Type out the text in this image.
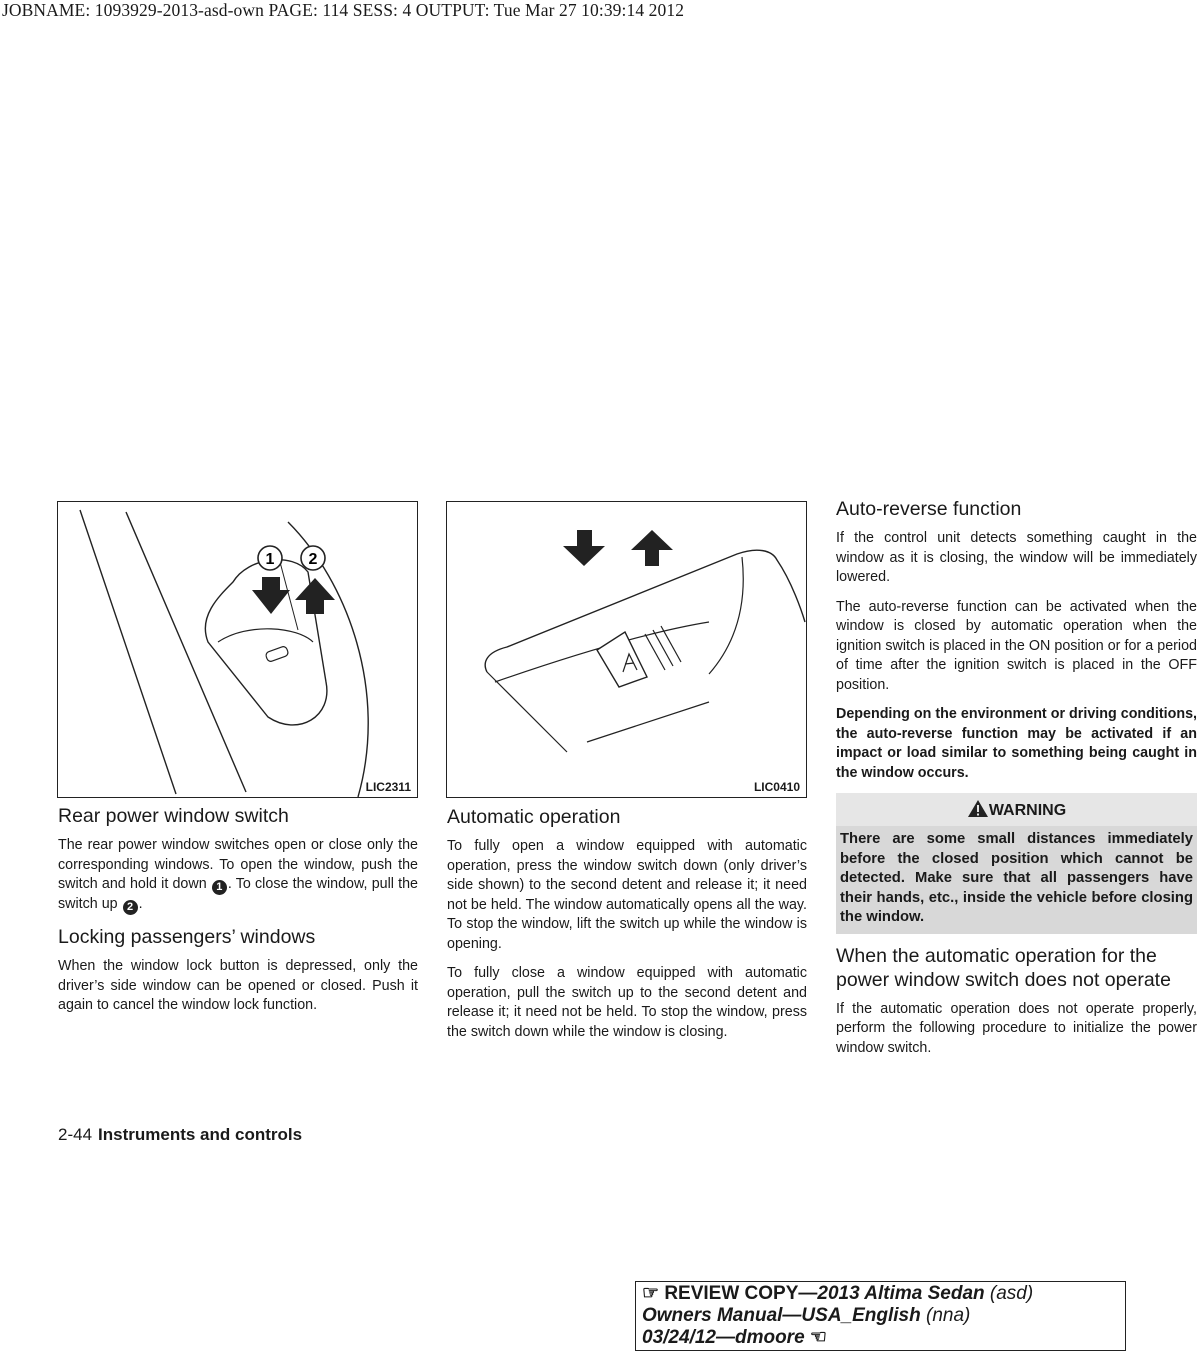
JOBNAME: 1093929-2013-asd-own PAGE: 114 SESS: 4 OUTPUT: Tue Mar 27 10:39:14 2012
1 2
LIC2311	LIC0410
Rear power window switch

The rear power window switches open or close only the corresponding windows. To open the window, push the switch and hold it down 1 . To close the window, pull the switch up 2 .

Locking passengers’ windows

When the window lock button is depressed, only the driver’s side window can be opened or closed. Push it again to cancel the window lock function.

Automatic operation

To fully open a window equipped with automatic operation, press the window switch down (only driver’s side shown) to the second detent and release it; it need not be held. The window automatically opens all the way. To stop the window, lift the switch up while the window is opening.

To fully close a window equipped with automatic operation, pull the switch up to the second detent and release it; it need not be held. To stop the window, press the switch down while the window is closing.

Auto-reverse function

If the control unit detects something caught in the window as it is closing, the window will be immediately lowered.

The auto-reverse function can be activated when the window is closed by automatic operation when the ignition switch is placed in the ON position or for a period of time after the ignition switch is placed in the OFF position.

Depending on the environment or driving conditions, the auto-reverse function may be activated if an impact or load similar to something being caught in the window occurs.

WARNING

There are some small distances immediately before the closed position which cannot be detected. Make sure that all passengers have their hands, etc., inside the vehicle before closing the window.

When the automatic operation for the power window switch does not operate

If the automatic operation does not operate properly, perform the following procedure to initialize the power window switch.

2-44 Instruments and controls
☞ REVIEW COPY—2013 Altima Sedan (asd)
Owners Manual—USA_English (nna)
03/24/12—dmoore ☜
